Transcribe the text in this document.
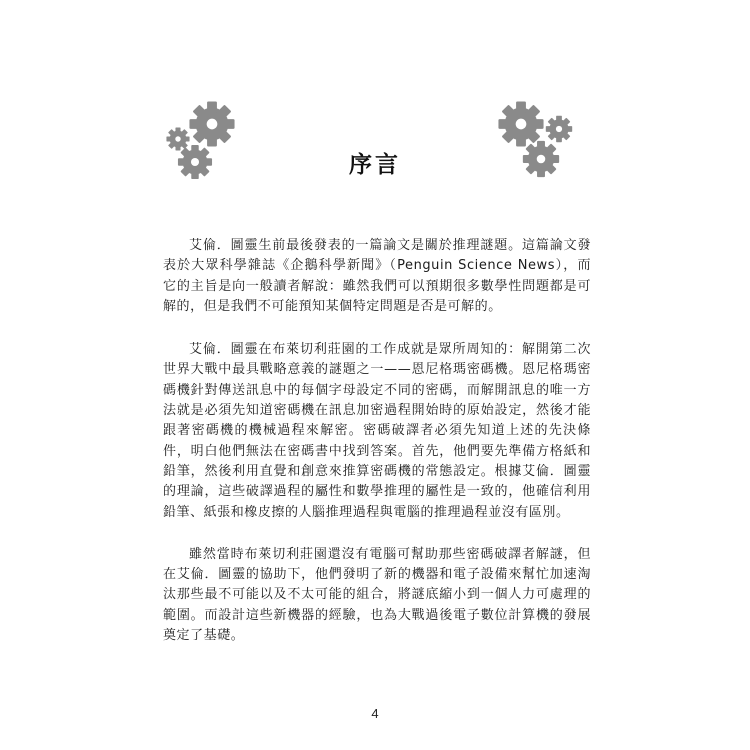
序言

艾倫．圖靈生前最後發表的一篇論文是關於推理謎題。這篇論文發表於大眾科學雜誌《企鵝科學新聞》（Penguin Science News），而它的主旨是向一般讀者解說：雖然我們可以預期很多數學性問題都是可解的，但是我們不可能預知某個特定問題是否是可解的。

艾倫．圖靈在布萊切利莊園的工作成就是眾所周知的：解開第二次世界大戰中最具戰略意義的謎題之一——恩尼格瑪密碼機。恩尼格瑪密碼機針對傳送訊息中的每個字母設定不同的密碼，而解開訊息的唯一方法就是必須先知道密碼機在訊息加密過程開始時的原始設定，然後才能跟著密碼機的機械過程來解密。密碼破譯者必須先知道上述的先決條件，明白他們無法在密碼書中找到答案。首先，他們要先準備方格紙和鉛筆，然後利用直覺和創意來推算密碼機的常態設定。根據艾倫．圖靈的理論，這些破譯過程的屬性和數學推理的屬性是一致的，他確信利用鉛筆、紙張和橡皮擦的人腦推理過程與電腦的推理過程並沒有區別。

雖然當時布萊切利莊園還沒有電腦可幫助那些密碼破譯者解謎，但在艾倫．圖靈的協助下，他們發明了新的機器和電子設備來幫忙加速淘汰那些最不可能以及不太可能的組合，將謎底縮小到一個人力可處理的範圍。而設計這些新機器的經驗，也為大戰過後電子數位計算機的發展奠定了基礎。

4
